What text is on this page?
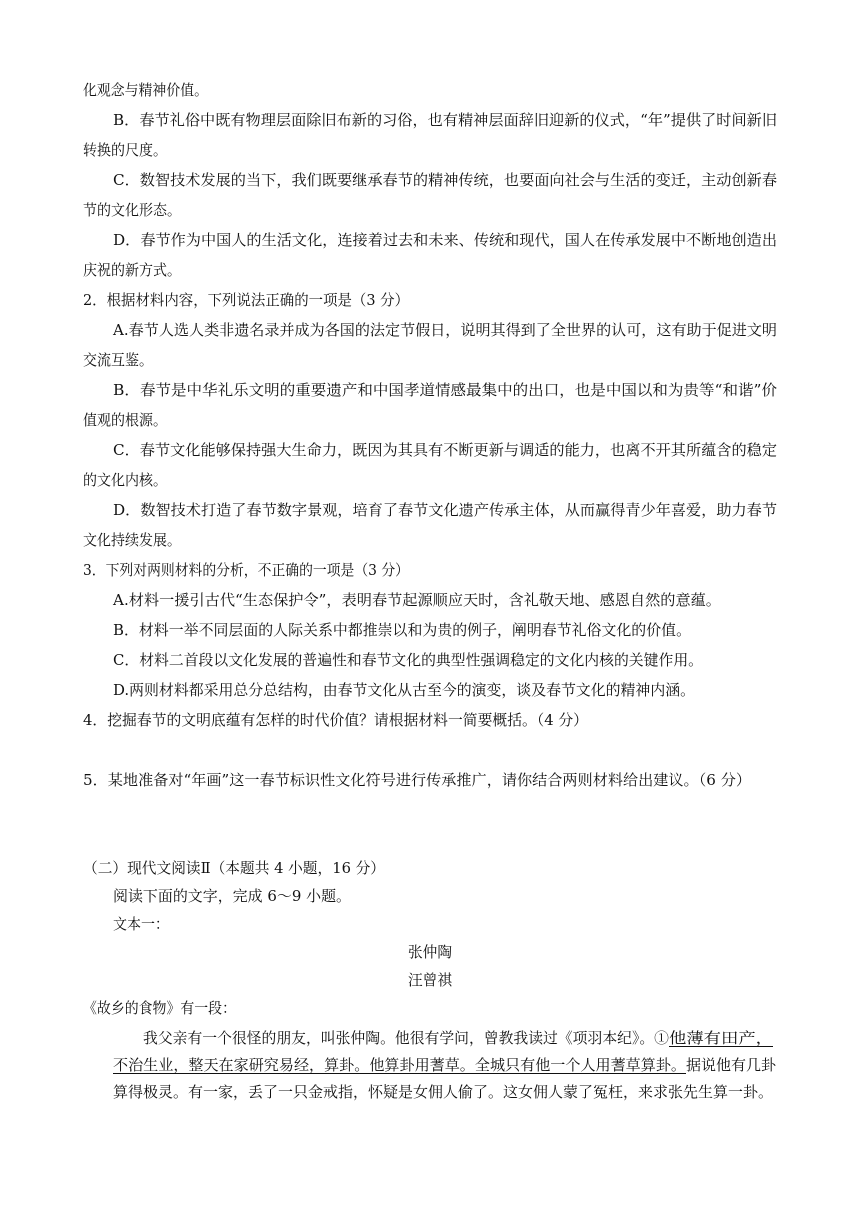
化观念与精神价值。
B．春节礼俗中既有物理层面除旧布新的习俗，也有精神层面辞旧迎新的仪式，“年”提供了时间新旧
转换的尺度。
C．数智技术发展的当下，我们既要继承春节的精神传统，也要面向社会与生活的变迁，主动创新春
节的文化形态。
D．春节作为中国人的生活文化，连接着过去和未来、传统和现代，国人在传承发展中不断地创造出
庆祝的新方式。
2．根据材料内容，下列说法正确的一项是（3 分）
A.春节人选人类非遗名录并成为各国的法定节假日，说明其得到了全世界的认可，这有助于促进文明
交流互鉴。
B．春节是中华礼乐文明的重要遗产和中国孝道情感最集中的出口，也是中国以和为贵等“和谐”价
值观的根源。
C．春节文化能够保持强大生命力，既因为其具有不断更新与调适的能力，也离不开其所蕴含的稳定
的文化内核。
D．数智技术打造了春节数字景观，培育了春节文化遗产传承主体，从而赢得青少年喜爱，助力春节
文化持续发展。
3．下列对两则材料的分析，不正确的一项是（3 分）
A.材料一援引古代“生态保护令”，表明春节起源顺应天时，含礼敬天地、感恩自然的意蕴。
B．材料一举不同层面的人际关系中都推崇以和为贵的例子，阐明春节礼俗文化的价值。
C．材料二首段以文化发展的普遍性和春节文化的典型性强调稳定的文化内核的关键作用。
D.两则材料都采用总分总结构，由春节文化从古至今的演变，谈及春节文化的精神内涵。
4．挖掘春节的文明底蕴有怎样的时代价值？请根据材料一简要概括。（4 分）
5．某地准备对“年画”这一春节标识性文化符号进行传承推广，请你结合两则材料给出建议。（6 分）
（二）现代文阅读Ⅱ（本题共 4 小题，16 分）
阅读下面的文字，完成 6～9 小题。
文本一：
张仲陶
汪曾祺
《故乡的食物》有一段：
我父亲有一个很怪的朋友，叫张仲陶。他很有学问，曾教我读过《项羽本纪》。①他薄有田产，
不治生业，整天在家研究易经，算卦。他算卦用蓍草。全城只有他一个人用蓍草算卦。据说他有几卦
算得极灵。有一家，丢了一只金戒指，怀疑是女佣人偷了。这女佣人蒙了冤枉，来求张先生算一卦。
